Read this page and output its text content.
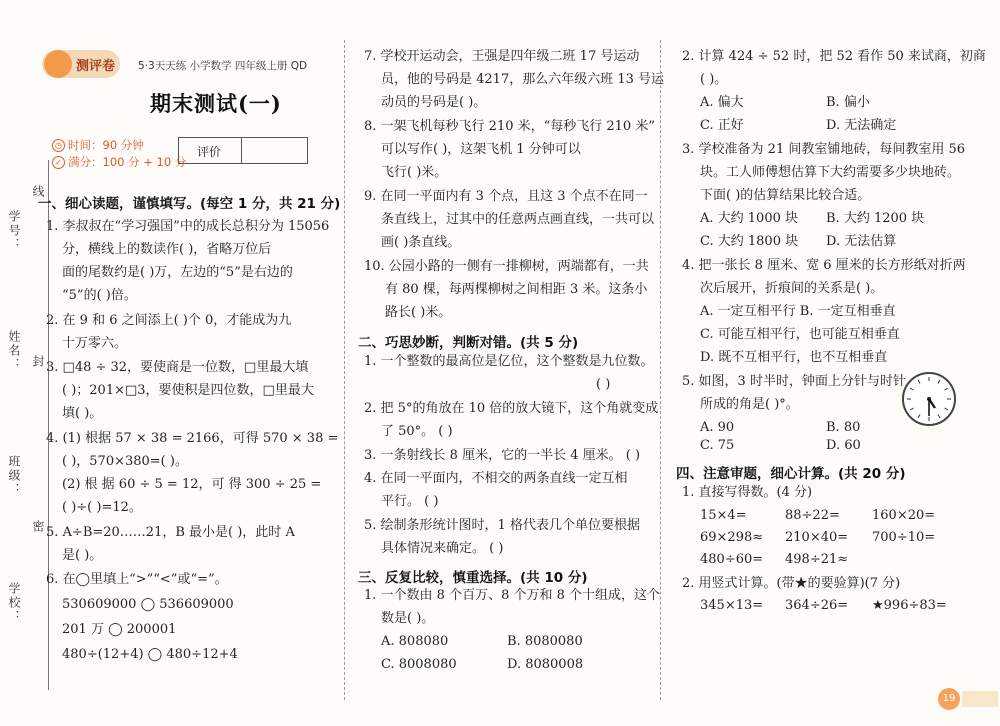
学号：
线
姓名： 封
班级：
密
学校：
测评卷 5·3天天练 小学数学 四年级上册 QD
期末测试(一)
◷ 时间：90 分钟
✓ 满分：100 分 + 10 分
评价
一、细心读题，谨慎填写。(每空 1 分，共 21 分)
1. 李叔叔在“学习强国”中的成长总积分为 15056
分，横线上的数读作( )，省略万位后
面的尾数约是( )万，左边的“5”是右边的
“5”的( )倍。
2. 在 9 和 6 之间添上( )个 0，才能成为九
十万零六。
3. □48 ÷ 32，要使商是一位数，□里最大填
( )；201×□3，要使积是四位数，□里最大
填( )。
4. (1) 根据 57 × 38 = 2166，可得 570 × 38 =
( )，570×380=( )。
(2) 根 据 60 ÷ 5 = 12，可 得 300 ÷ 25 =
( )÷( )=12。
5. A÷B=20……21，B 最小是( )，此时 A
是( )。
6. 在◯里填上“>”“<”或“=”。
530609000 ◯ 536609000
201 万 ◯ 200001
480÷(12+4) ◯ 480÷12+4
7. 学校开运动会，王强是四年级二班 17 号运动
员，他的号码是 4217，那么六年级六班 13 号运
动员的号码是( )。
8. 一架飞机每秒飞行 210 米，“每秒飞行 210 米”
可以写作( )，这架飞机 1 分钟可以
飞行( )米。
9. 在同一平面内有 3 个点，且这 3 个点不在同一
条直线上，过其中的任意两点画直线，一共可以
画( )条直线。
10. 公园小路的一侧有一排柳树，两端都有，一共
有 80 棵，每两棵柳树之间相距 3 米。这条小
路长( )米。
二、巧思妙断，判断对错。(共 5 分)
1. 一个整数的最高位是亿位，这个整数是九位数。
( )
2. 把 5°的角放在 10 倍的放大镜下，这个角就变成
了 50°。 ( )
3. 一条射线长 8 厘米，它的一半长 4 厘米。 ( )
4. 在同一平面内，不相交的两条直线一定互相
平行。 ( )
5. 绘制条形统计图时，1 格代表几个单位要根据
具体情况来确定。 ( )
三、反复比较，慎重选择。(共 10 分)
1. 一个数由 8 个百万、8 个万和 8 个十组成，这个
数是( )。
A. 808080	B. 8080080
C. 8008080	D. 8080008
2. 计算 424 ÷ 52 时，把 52 看作 50 来试商，初商
( )。
A. 偏大	B. 偏小
C. 正好	D. 无法确定
3. 学校准备为 21 间教室铺地砖，每间教室用 56
块。工人师傅想估算下大约需要多少块地砖。
下面( )的估算结果比较合适。
A. 大约 1000 块 B. 大约 1200 块
C. 大约 1800 块 D. 无法估算
4. 把一张长 8 厘米、宽 6 厘米的长方形纸对折两
次后展开，折痕间的关系是( )。
A. 一定互相平行 B. 一定互相垂直
C. 可能互相平行，也可能互相垂直
D. 既不互相平行，也不互相垂直
5. 如图，3 时半时，钟面上分针与时针
所成的角是( )°。
A. 90	B. 80
C. 75	D. 60
四、注意审题，细心计算。(共 20 分)
1. 直接写得数。(4 分)
15×4=	88÷22= 160×20=
69×298≈ 210×40= 700÷10=
480÷60= 498÷21≈
2. 用竖式计算。(带★的要验算)(7 分)
345×13= 364÷26= ★996÷83=
19
